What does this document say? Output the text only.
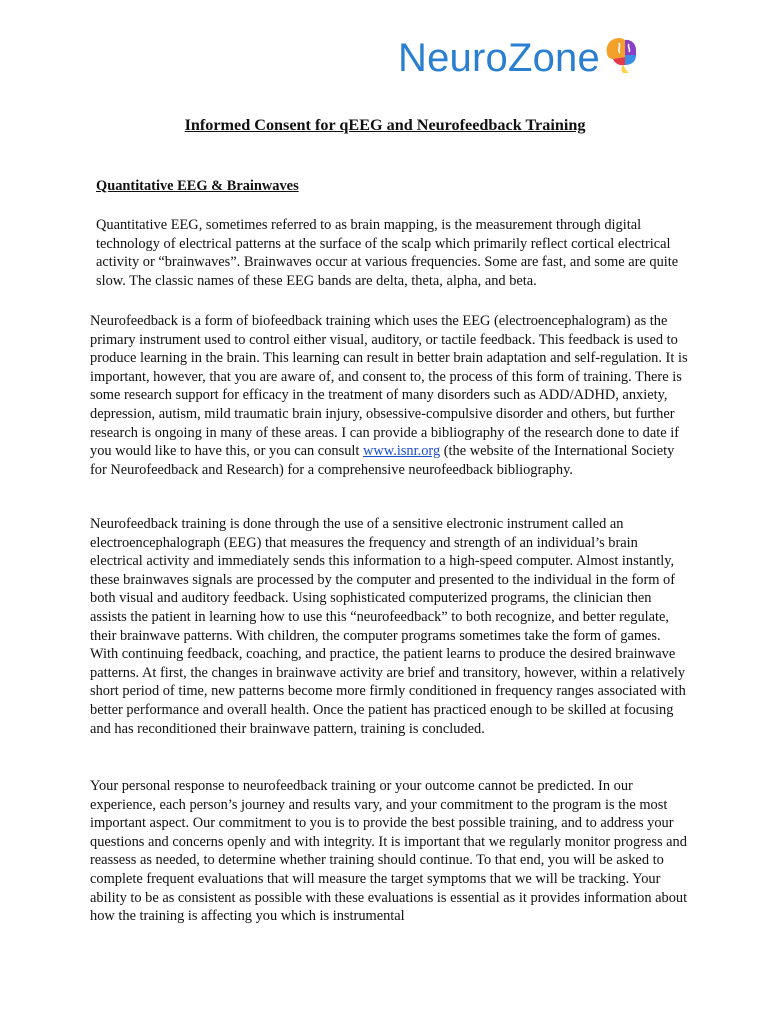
NeuroZone
Informed Consent for qEEG and Neurofeedback Training
Quantitative EEG & Brainwaves

Quantitative EEG, sometimes referred to as brain mapping, is the measurement through digital technology of electrical patterns at the surface of the scalp which primarily reflect cortical electrical activity or “brainwaves”. Brainwaves occur at various frequencies. Some are fast, and some are quite slow. The classic names of these EEG bands are delta, theta, alpha, and beta.

Neurofeedback is a form of biofeedback training which uses the EEG (electroencephalogram) as the primary instrument used to control either visual, auditory, or tactile feedback. This feedback is used to produce learning in the brain. This learning can result in better brain adaptation and self-regulation. It is important, however, that you are aware of, and consent to, the process of this form of training. There is some research support for efficacy in the treatment of many disorders such as ADD/ADHD, anxiety, depression, autism, mild traumatic brain injury, obsessive-compulsive disorder and others, but further research is ongoing in many of these areas. I can provide a bibliography of the research done to date if you would like to have this, or you can consult www.isnr.org (the website of the International Society for Neurofeedback and Research) for a comprehensive neurofeedback bibliography.

Neurofeedback training is done through the use of a sensitive electronic instrument called an electroencephalograph (EEG) that measures the frequency and strength of an individual’s brain electrical activity and immediately sends this information to a high-speed computer. Almost instantly, these brainwaves signals are processed by the computer and presented to the individual in the form of both visual and auditory feedback. Using sophisticated computerized programs, the clinician then assists the patient in learning how to use this “neurofeedback” to both recognize, and better regulate, their brainwave patterns. With children, the computer programs sometimes take the form of games. With continuing feedback, coaching, and practice, the patient learns to produce the desired brainwave patterns. At first, the changes in brainwave activity are brief and transitory, however, within a relatively short period of time, new patterns become more firmly conditioned in frequency ranges associated with better performance and overall health. Once the patient has practiced enough to be skilled at focusing and has reconditioned their brainwave pattern, training is concluded.

Your personal response to neurofeedback training or your outcome cannot be predicted. In our experience, each person’s journey and results vary, and your commitment to the program is the most important aspect. Our commitment to you is to provide the best possible training, and to address your questions and concerns openly and with integrity. It is important that we regularly monitor progress and reassess as needed, to determine whether training should continue. To that end, you will be asked to complete frequent evaluations that will measure the target symptoms that we will be tracking. Your ability to be as consistent as possible with these evaluations is essential as it provides information about how the training is affecting you which is instrumental
